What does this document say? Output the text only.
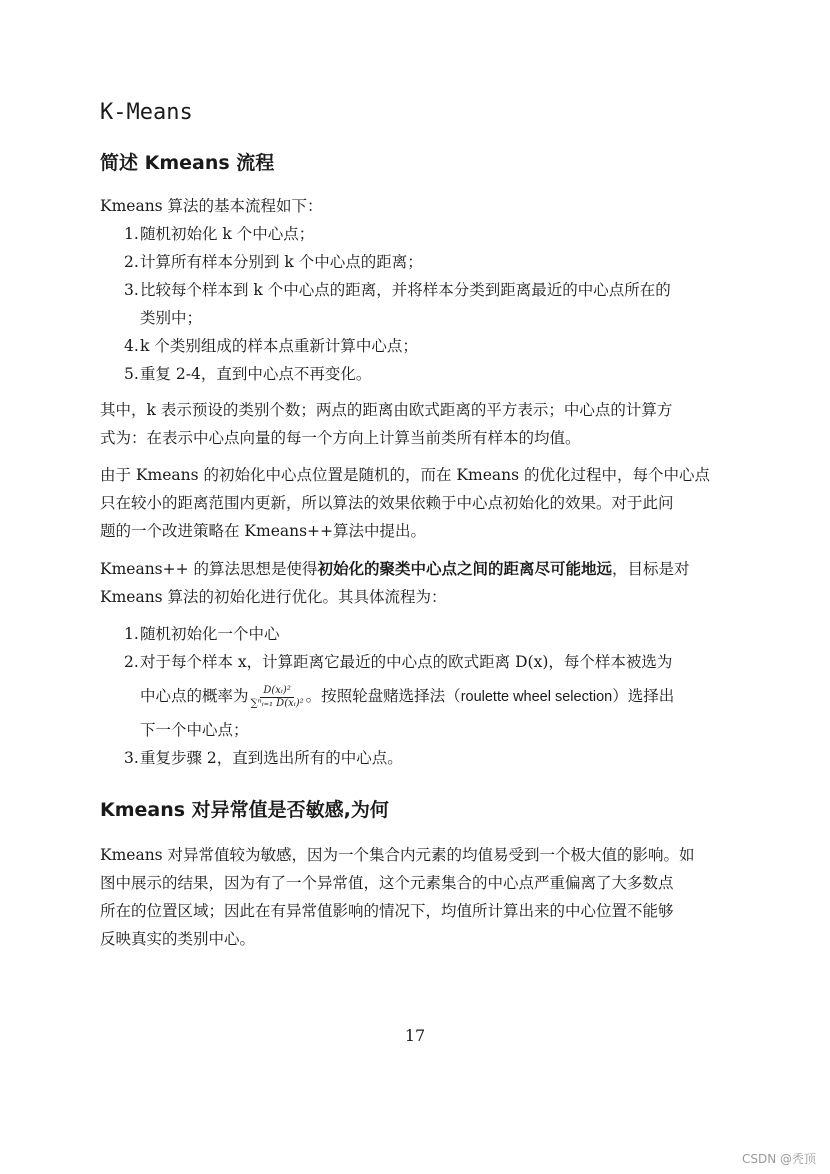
K-Means
简述 Kmeans 流程
Kmeans 算法的基本流程如下：
1. 随机初始化 k 个中心点；
2. 计算所有样本分别到 k 个中心点的距离；
3. 比较每个样本到 k 个中心点的距离，并将样本分类到距离最近的中心点所在的
类别中；
4. k 个类别组成的样本点重新计算中心点；
5. 重复 2-4，直到中心点不再变化。
其中，k 表示预设的类别个数；两点的距离由欧式距离的平方表示；中心点的计算方
式为：在表示中心点向量的每一个方向上计算当前类所有样本的均值。
由于 Kmeans 的初始化中心点位置是随机的，而在 Kmeans 的优化过程中，每个中心点
只在较小的距离范围内更新，所以算法的效果依赖于中心点初始化的效果。对于此问
题的一个改进策略在 Kmeans++算法中提出。
Kmeans++ 的算法思想是使得初始化的聚类中心点之间的距离尽可能地远，目标是对
Kmeans 算法的初始化进行优化。其具体流程为：
1. 随机初始化一个中心
2. 对于每个样本 x，计算距离它最近的中心点的欧式距离 D(x)，每个样本被选为
中心点的概率为 $\frac{\text{D(xᵢ)²}}{\text{∑ⁿᵢ₌₁ D(xᵢ)²}}$ 。按照轮盘赌选择法（roulette wheel selection）选择出
下一个中心点；
3. 重复步骤 2，直到选出所有的中心点。
Kmeans 对异常值是否敏感,为何
Kmeans 对异常值较为敏感，因为一个集合内元素的均值易受到一个极大值的影响。如
图中展示的结果，因为有了一个异常值，这个元素集合的中心点严重偏离了大多数点
所在的位置区域；因此在有异常值影响的情况下，均值所计算出来的中心位置不能够
反映真实的类别中心。
17
CSDN @秃顶
